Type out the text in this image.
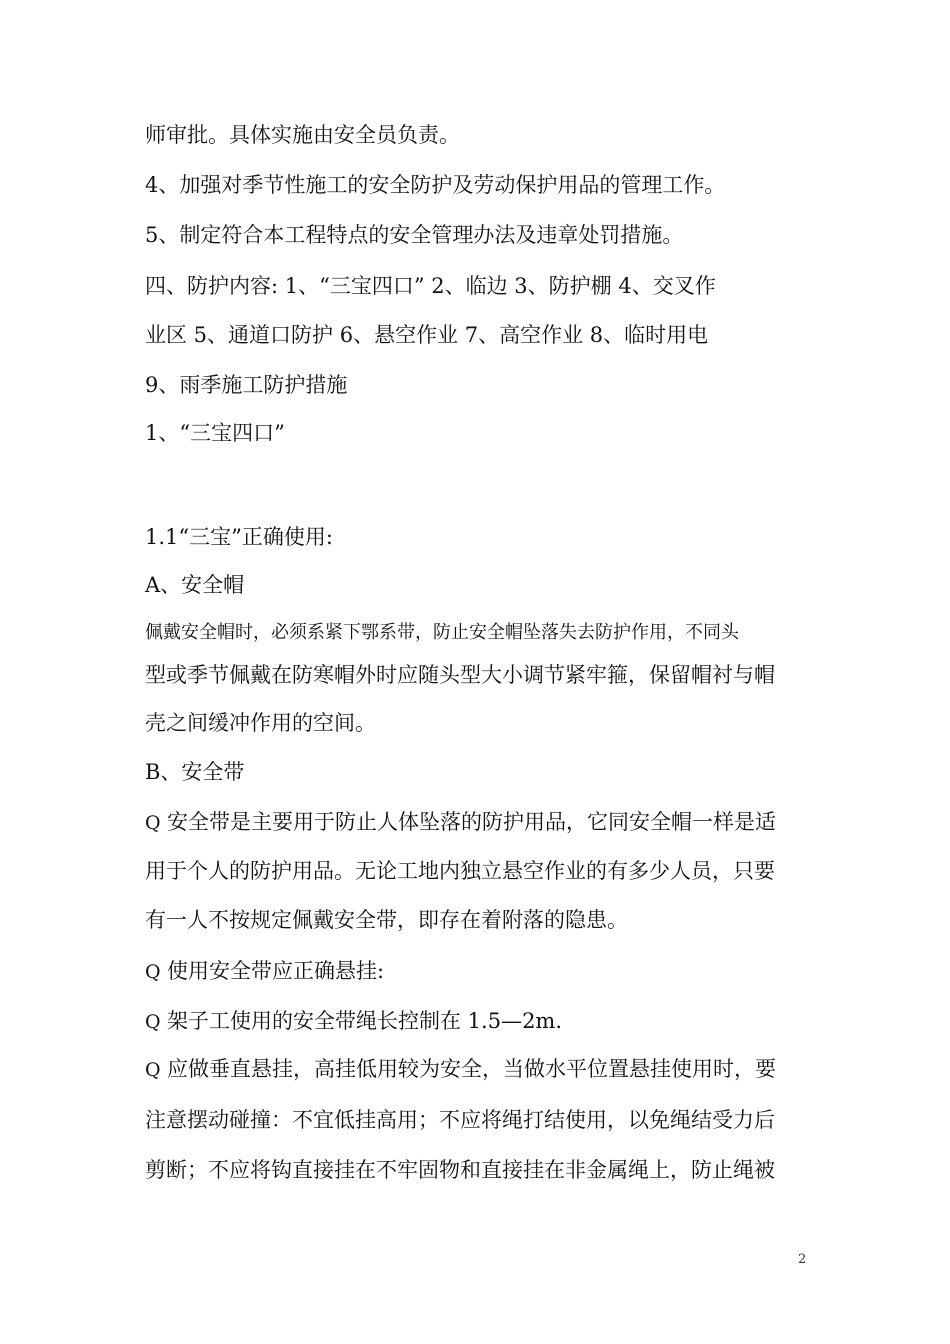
师审批。具体实施由安全员负责。
4、加强对季节性施工的安全防护及劳动保护用品的管理工作。
5、制定符合本工程特点的安全管理办法及违章处罚措施。
四、防护内容: 1、“三宝四口” 2、临边 3、防护棚 4、交叉作
业区 5、通道口防护 6、悬空作业 7、高空作业 8、临时用电
9、雨季施工防护措施
1、“三宝四口”
1.1“三宝”正确使用:
A、安全帽
佩戴安全帽时，必须系紧下鄂系带，防止安全帽坠落失去防护作用，不同头
型或季节佩戴在防寒帽外时应随头型大小调节紧牢箍，保留帽衬与帽
壳之间缓冲作用的空间。
B、安全带
Q 安全带是主要用于防止人体坠落的防护用品，它同安全帽一样是适
用于个人的防护用品。无论工地内独立悬空作业的有多少人员，只要
有一人不按规定佩戴安全带，即存在着附落的隐患。
Q 使用安全带应正确悬挂:
Q 架子工使用的安全带绳长控制在 1.5—2m.
Q 应做垂直悬挂，高挂低用较为安全，当做水平位置悬挂使用时，要
注意摆动碰撞：不宜低挂高用；不应将绳打结使用，以免绳结受力后
剪断；不应将钩直接挂在不牢固物和直接挂在非金属绳上，防止绳被
2
